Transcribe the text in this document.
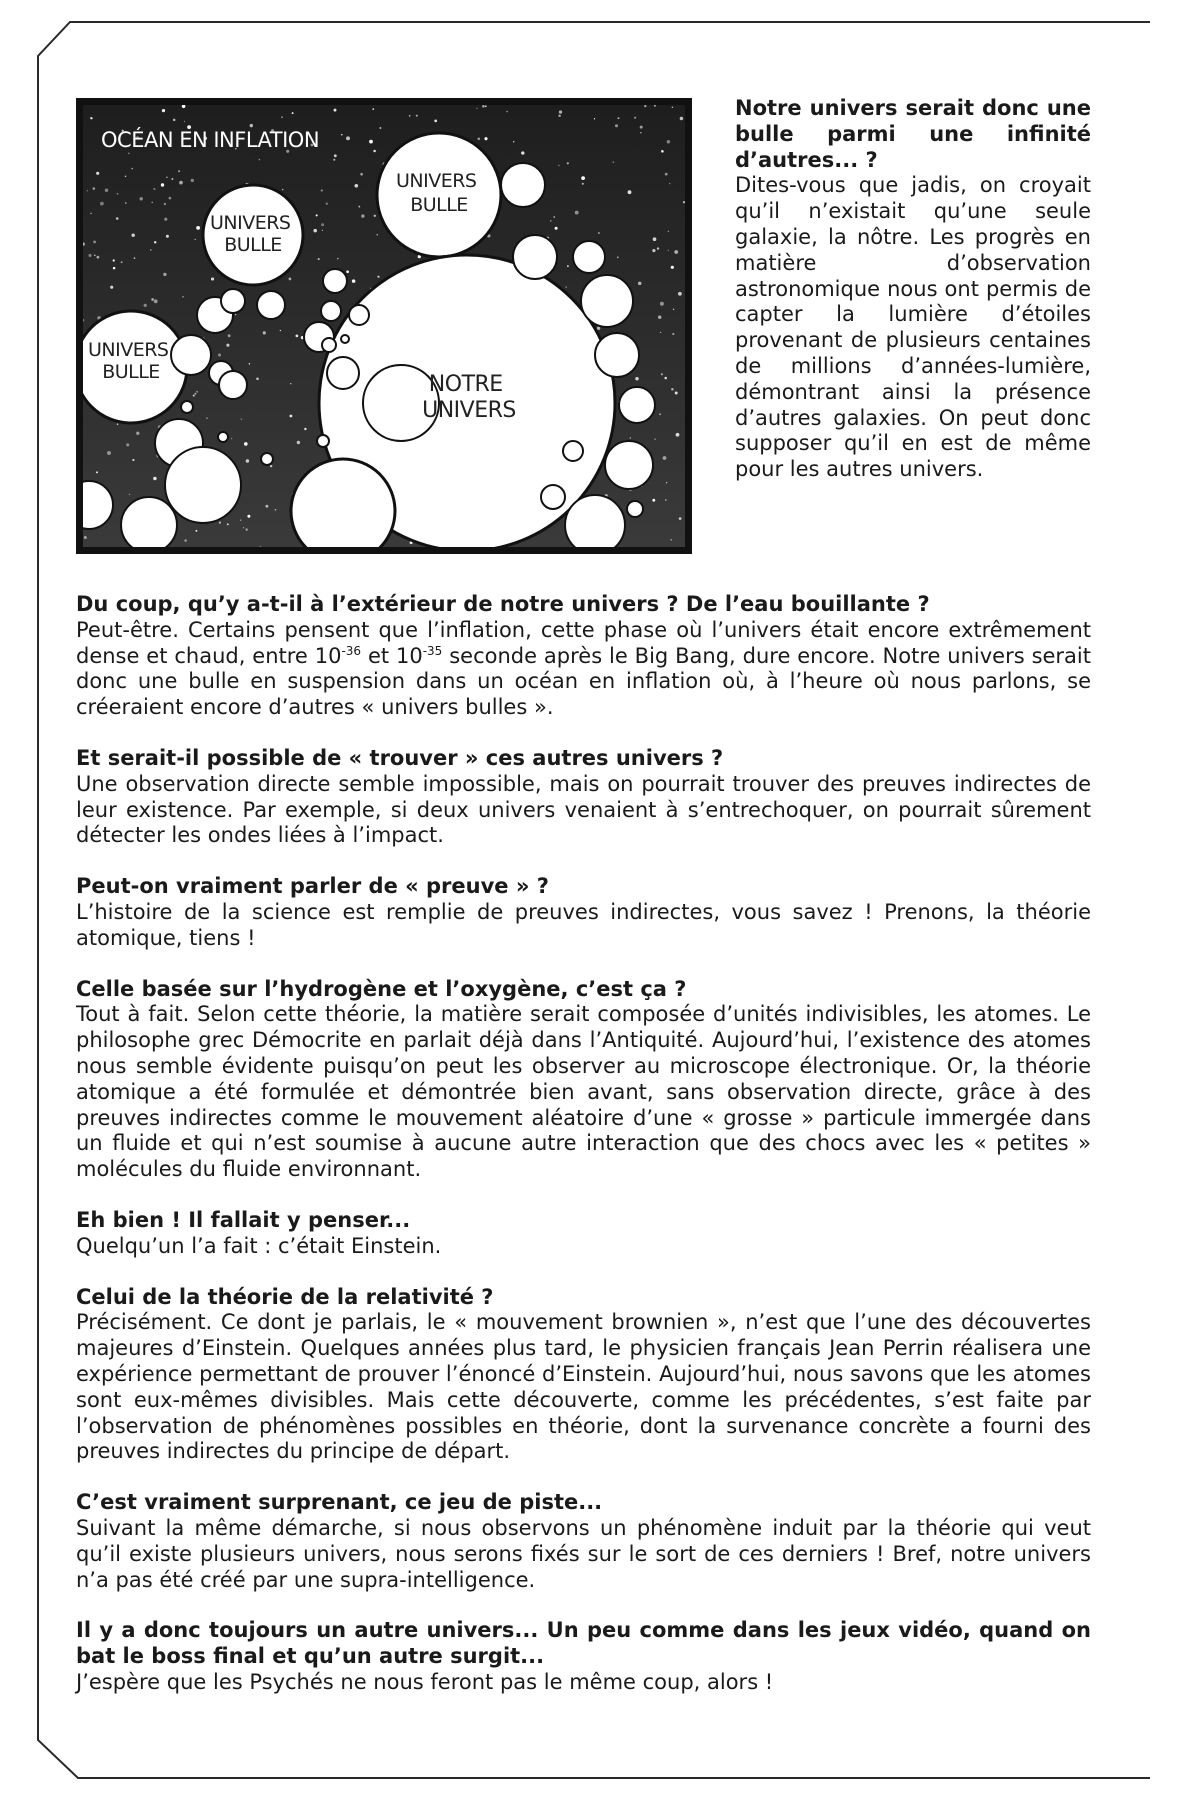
OCÉAN EN INFLATION
UNIVERS BULLE
UNIVERS BULLE
UNIVERS BULLE	NOTRE UNIVERS
Notre univers serait donc une bulle parmi une infinité d’autres... ?
Dites-vous que jadis, on croyait qu’il n’existait qu’une seule galaxie, la nôtre. Les progrès en matière d’observation astronomique nous ont permis de capter la lumière d’étoiles provenant de plusieurs centaines de millions d’années-lumière, démontrant ainsi la présence d’autres galaxies. On peut donc supposer qu’il en est de même pour les autres univers.
Du coup, qu’y a-t-il à l’extérieur de notre univers ? De l’eau bouillante ?
Peut-être. Certains pensent que l’inflation, cette phase où l’univers était encore extrêmement dense et chaud, entre $10^{-36}$ et $10^{-35}$ seconde après le Big Bang, dure encore. Notre univers serait donc une bulle en suspension dans un océan en inflation où, à l’heure où nous parlons, se créeraient encore d’autres « univers bulles ».
Et serait-il possible de « trouver » ces autres univers ?
Une observation directe semble impossible, mais on pourrait trouver des preuves indirectes de leur existence. Par exemple, si deux univers venaient à s’entrechoquer, on pourrait sûrement détecter les ondes liées à l’impact.
Peut-on vraiment parler de « preuve » ?
L’histoire de la science est remplie de preuves indirectes, vous savez ! Prenons, la théorie atomique, tiens !
Celle basée sur l’hydrogène et l’oxygène, c’est ça ?
Tout à fait. Selon cette théorie, la matière serait composée d’unités indivisibles, les atomes. Le philosophe grec Démocrite en parlait déjà dans l’Antiquité. Aujourd’hui, l’existence des atomes nous semble évidente puisqu’on peut les observer au microscope électronique. Or, la théorie atomique a été formulée et démontrée bien avant, sans observation directe, grâce à des preuves indirectes comme le mouvement aléatoire d’une « grosse » particule immergée dans un fluide et qui n’est soumise à aucune autre interaction que des chocs avec les « petites » molécules du fluide environnant.
Eh bien ! Il fallait y penser...
Quelqu’un l’a fait : c’était Einstein.
Celui de la théorie de la relativité ?
Précisément. Ce dont je parlais, le « mouvement brownien », n’est que l’une des découvertes majeures d’Einstein. Quelques années plus tard, le physicien français Jean Perrin réalisera une expérience permettant de prouver l’énoncé d’Einstein. Aujourd’hui, nous savons que les atomes sont eux-mêmes divisibles. Mais cette découverte, comme les précédentes, s’est faite par l’observation de phénomènes possibles en théorie, dont la survenance concrète a fourni des preuves indirectes du principe de départ.
C’est vraiment surprenant, ce jeu de piste...
Suivant la même démarche, si nous observons un phénomène induit par la théorie qui veut qu’il existe plusieurs univers, nous serons fixés sur le sort de ces derniers ! Bref, notre univers n’a pas été créé par une supra-intelligence.
Il y a donc toujours un autre univers... Un peu comme dans les jeux vidéo, quand on bat le boss final et qu’un autre surgit...
J’espère que les Psychés ne nous feront pas le même coup, alors !
